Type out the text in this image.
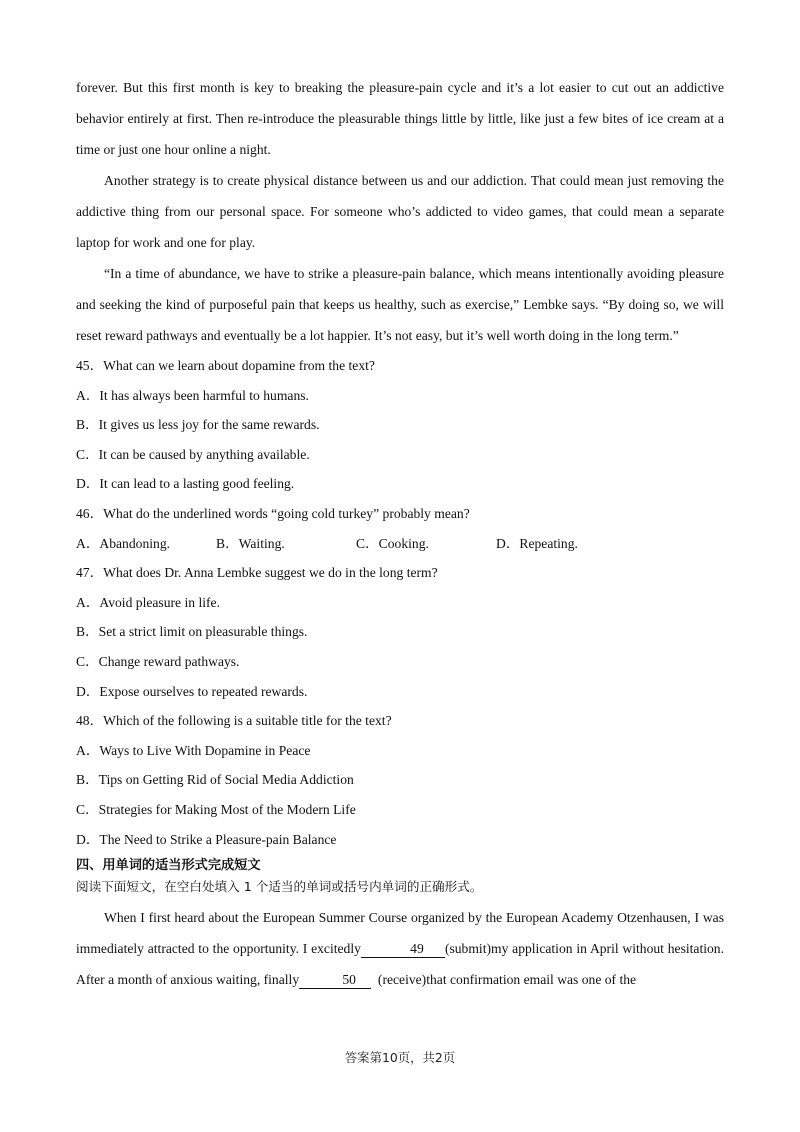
forever. But this first month is key to breaking the pleasure-pain cycle and it’s a lot easier to cut out an addictive behavior entirely at first. Then re-introduce the pleasurable things little by little, like just a few bites of ice cream at a time or just one hour online a night.

Another strategy is to create physical distance between us and our addiction. That could mean just removing the addictive thing from our personal space. For someone who’s addicted to video games, that could mean a separate laptop for work and one for play.

“In a time of abundance, we have to strike a pleasure-pain balance, which means intentionally avoiding pleasure and seeking the kind of purposeful pain that keeps us healthy, such as exercise,” Lembke says. “By doing so, we will reset reward pathways and eventually be a lot happier. It’s not easy, but it’s well worth doing in the long term.”

45．What can we learn about dopamine from the text?

A．It has always been harmful to humans.

B．It gives us less joy for the same rewards.

C．It can be caused by anything available.

D．It can lead to a lasting good feeling.

46．What do the underlined words “going cold turkey” probably mean?

A．Abandoning.	B．Waiting.	C．Cooking.	D．Repeating.

47．What does Dr. Anna Lembke suggest we do in the long term?

A．Avoid pleasure in life.

B．Set a strict limit on pleasurable things.

C．Change reward pathways.

D．Expose ourselves to repeated rewards.

48．Which of the following is a suitable title for the text?

A．Ways to Live With Dopamine in Peace

B．Tips on Getting Rid of Social Media Addiction

C．Strategies for Making Most of the Modern Life

D．The Need to Strike a Pleasure-pain Balance

四、用单词的适当形式完成短文
阅读下面短文，在空白处填入 1 个适当的单词或括号内单词的正确形式。

When I first heard about the European Summer Course organized by the European Academy Otzenhausen, I was immediately attracted to the opportunity. I excitedly	49 (submit)my application in April without hesitation. After a month of anxious waiting, finally	50 (receive)that confirmation email was one of the

答案第10页，共2页
